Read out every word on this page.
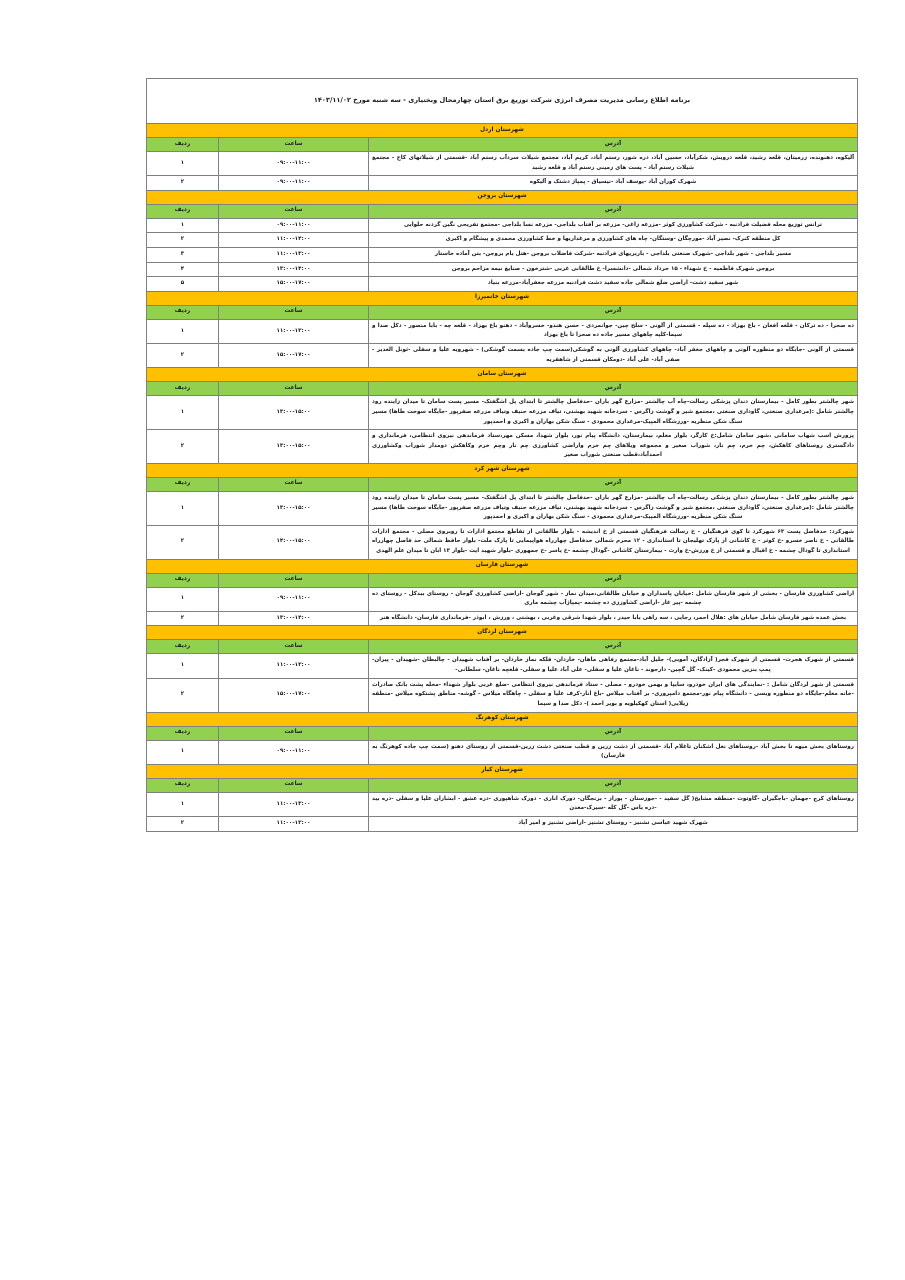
برنامه اطلاع رسانی مدیریت مصرف انرژی شرکت توزیع برق استان چهارمحال وبختیاری - سه شنبه مورخ ۱۴۰۳/۱۱/۰۲		
شهرستان اردل		
آدرس	ساعت	ردیف
آلیکوه، دهنونده، زرمیتان، قلعه رشید، قلعه درویش، شکرآباد، حسین آباد، دره شور، رستم آباد، کریم آباد، مجتمع شیلات سردآب رستم آباد -قسمتی از شیلاتهای کاج - مجتمع شیلات رستم آباد - پست های زمینی رستم آباد و قلعه رشید	۰۹:۰۰-۱۱:۰۰	۱
شهرک کوران آباد -یوسف آباد -نیسیاق - پمپاژ دشتک و آلیکوه	۰۹:۰۰-۱۱:۰۰	۲
شهرستان بروجن		
آدرس	ساعت	ردیف
ترانس توزیع محله فضیلت فرادنبه - شرکت کشاورزی کوثر -مزرعه زاغی- مزرعه بر آفتاب بلداجی- مزرعه نسا بلداجی -مجتمع تفریحی نگین گردنه حلوایی	۰۹:۰۰-۱۱:۰۰	۱
کل منطقه کنرک- نصیر آباد -مورچگان -وستگان- چاه های کشاورزی و مرغداریها و خط کشاورزی محمدی و پیشگام و اکبری	۱۱:۰۰-۱۴:۰۰	۲
مسیر بلداجی - شهر بلداجی -شهرک صنعتی بلداجی - باربریهای فرادنبه -شرکت فاضلاب بروجن -هتل بام بروجن- بتن آماده خاستار	۱۱:۰۰-۱۳:۰۰	۳
بروجن شهرک فاطمیه - خ شهداء - ۱۵ خرداد شمالی -دانشسرا- خ طالقانی غربی -شترخون - صنایع نیمه مزاحم بروجن	۱۳:۰۰-۱۴:۰۰	۴
شهر سفید دشت- اراضی ضلع شمالی جاده سفید دشت فرادنبه مزرعه جعفرآباد-مزرعه بنیاد	۱۵:۰۰-۱۷:۰۰	۵
شهرستان خانمیرزا		
آدرس	ساعت	ردیف
ده صحرا - ده ترکان - قلعه افغان - باغ بهزاد - ده سپله - قسمتی از آلونی - سلح چین- جوانمردی - حسن هندو- خسروآباد - دهنو باغ بهزاد - قلعه چه - بابا منصور - دکل صدا و سیما-کلیه چاههای مسیر جاده ده صحرا تا باغ بهزاد	۱۱:۰۰-۱۳:۰۰	۱
قسمتی از آلونی -جایگاه دو منظوره آلونی و چاههای جعفر آباد- چاههای کشاورزی آلونی به گوشکی(سمت چپ جاده بسمت گوشکی) - شهرویه علیا و سفلی -ثونل الغدیر - صفی آباد- علی آباد -دومکان قسمتی از شاهقربه	۱۵:۰۰-۱۷:۰۰	۲
شهرستان سامان		
آدرس	ساعت	ردیف
شهر چالشتر بطور کامل - بیمارستان دندان پزشکی رسالت-چاه آب چالشتر -مزارع گهر باران -حدفاصل چالشتر تا ابتدای پل اشگفتک- مسیر پست سامان تا میدان زاینده رود چالشتر شامل :(مرغداری صنعتی، گاوداری صنعتی ،مجتمع شیر و گوشت زاگرس - سردخانه شهید بهشتی، تیاف مزرعه حنیف وتیاف مزرعه صفرپور -جایگاه سوخت طاها) مسیر سنگ شکن منظریه -ورزشگاه المپیک-مرغداری محمودی - سنگ شکن بهاران و اکبری و احمدپور	۱۳:۰۰-۱۵:۰۰	۱
پرورش اسب شهاب سامانی ،شهر سامان شامل:خ کارگر، بلوار معلم، بیمارستان، دانشگاه پیام نور، بلوار شهدا، مسکن مهر،ستاد فرماندهی نیروی انتظامی، فرمانداری و دادگستری روستاهای کاهکش، چم خرم، چم نار، شوراب صغیر و مجموعه ویلاهای چم خرم واراضی کشاورزی چم نار وچم خرم وکاهکش دومدار شوراب وکشاورزی احمدآباد،قطب صنعتی شوراب صغیر	۱۳:۰۰-۱۵:۰۰	۲
شهرستان شهر کرد		
آدرس	ساعت	ردیف
شهر چالشتر بطور کامل - بیمارستان دندان پزشکی رسالت-چاه آب چالشتر -مزارع گهر باران -حدفاصل چالشتر تا ابتدای پل اشگفتک- مسیر پست سامان تا میدان زاینده رود چالشتر شامل :(مرغداری صنعتی، گاوداری صنعتی ،مجتمع شیر و گوشت زاگرس - سردخانه شهید بهشتی، تیاف مزرعه حنیف وتیاف مزرعه صفرپور -جایگاه سوخت طاها) مسیر سنگ شکن منظریه -ورزشگاه المپیک-مرغداری محمودی - سنگ شکن بهاران و اکبری و احمدپور	۱۳:۰۰-۱۵:۰۰	۱
شهرکرد: حدفاصل پست ۶۳ شهرکرد تا کوی فرهنگیان - خ رسالت فرهنگیان قسمتی از خ اندیشه - بلوار طالقانی از تقاطع مجتمع ادارات تا روبروی مصلی - مجتمع ادارات طالقانی - خ ناصر خسرو -خ کوثر - خ کاشانی از پارک تهلیجان تا استانداری - ۱۲ محرم شمالی حدفاصل چهارراه هواپیمایی تا پارک ملت- بلوار حافظ شمالی حد فاصل چهارراه استانداری تا گودال چشمه - خ اقبال و قسمتی از خ ورزش-خ وارث - بیمارستان کاشانی -گودال چشمه -خ یاسر -خ جمهوری -بلوار شهید ایت -بلوار ۱۳ ابان تا میدان علم الهدی	۱۴:۰۰-۱۵:۰۰	۲
شهرستان فارسان		
آدرس	ساعت	ردیف
اراضی کشاورزی فارسان - بخشی از شهر فارسان شامل :خیابان پاسداران و خیابان طالقانی،میدان نماز - شهر گوجان -اراضی کشاورزی گوجان - روستای بیدکل - روستای ده چشمه -پیر غار -اراضی کشاورزی ده چشمه -پمپاژآب چشمه ماری	۰۹:۰۰-۱۱:۰۰	۱
بخش عمده شهر فارسان شامل خیابان های :هلال احمر، رجایی ، سه راهی بابا حیدر ، بلوار شهدا شرقی وغربی ، بهشتی ، ورزش ، ابوذر -فرمانداری فارسان- دانشگاه هنر	۱۳:۰۰-۱۴:۰۰	۲
شهرستان لردگان		
آدرس	ساعت	ردیف
قسمتی از شهرک هجرت- قسمتی از شهرک فجر( آزادگان، آموبی)- جلیل آباد-مجتمع رفاهی ماهان- خاردان- فلکه نماز خاردان- بر آفتاب شهیدان - چالبطان -شهیدان - پیران- پمپ بنزین محمودی -کینک- گل گچین- دارجوند - ناغان علیا و سفلی- علی آباد علیا و سفلی- قلعچه ناغان- سلطانی-	۱۱:۰۰-۱۳:۰۰	۱
قسمتی از شهر لردگان شامل : -نمایندگی های ایران خودرو، سایپا و بهمن خودرو - مصلی - ستاد فرماندهی نیروی انتظامی -ضلع غربی بلوار شهداء -محله پشت بانک صادرات -خانه معلم-جایگاه دو منظوره وبسی - دانشگاه پیام نور-مجتمع دامپروری- بر آفتاب میلاس -باغ انار-کرف علیا و سفلی - چاهگاه میلاس - گوشه- مناطق پشتکوه میلاس -منطقه زیلایی( استان کهکیلویه و بویر احمد )- دکل صدا و سیما	۱۵:۰۰-۱۷:۰۰	۲
شهرستان کوهرنگ		
آدرس	ساعت	ردیف
روستاهای بخش میهه تا بخش آباد -روستاهای نعل اشکنان تاغلام آباد -قسمتی از دشت زرین و قطب صنعتی دشت زرین-قسمتی از روستای دهنو (سمت چپ جاده کوهرنگ به فارسان)	۰۹:۰۰-۱۱:۰۰	۱
شهرستان کیار		
آدرس	ساعت	ردیف
روستاهای کرچ -جهمان -باجگیران -گاوتوت -منطقه مشایخ( گل سفید - -جوزستان - پوراز - برنجگان- دورک اناری - دورک شاهپوری -دره عشق - ابشاران علیا و سفلی -دره بید -دره یاس -گل کله -سیرک-معدن	۱۱:۰۰-۱۳:۰۰	۱
شهرک شهید عباسی تشنیز - روستای تشنیز -اراضی تشنیز و امیر آباد	۱۱:۰۰-۱۳:۰۰	۲
